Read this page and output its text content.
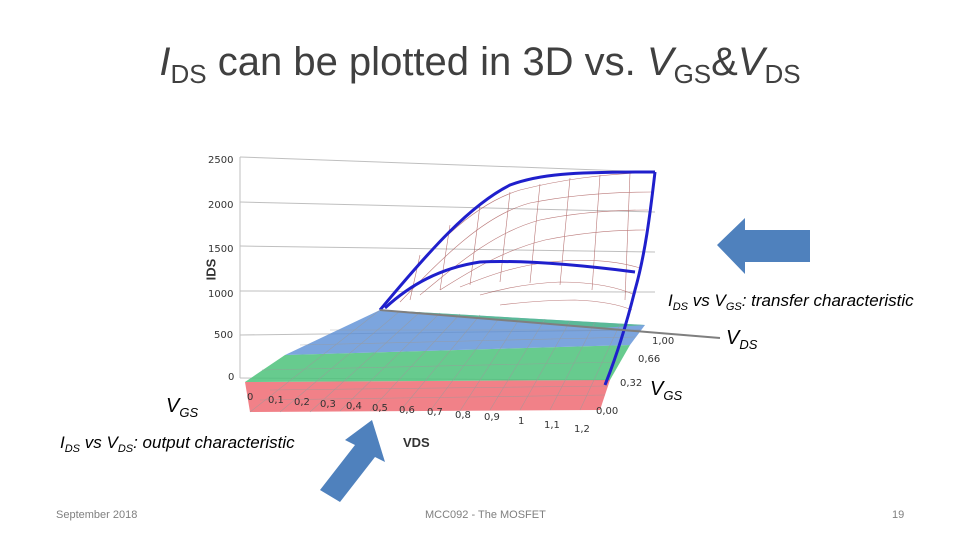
$I_{DS}$ can be plotted in 3D vs. $V_{GS}\&V_{DS}$
2500
2000
1500
1000
500
0
IDS
0 0,1 0,2 0,3 0,4 0,5 0,6 0,7 0,8 0,9 1 1,1 1,2
VDS
0,00
0,32
0,66
1,00
$I_{DS}$ vs $V_{GS}$: transfer characteristic
$I_{DS}$ vs $V_{DS}$: output characteristic
$V_{DS}$
$V_{GS}$
$V_{GS}$
September 2018	MCC092 - The MOSFET	19
